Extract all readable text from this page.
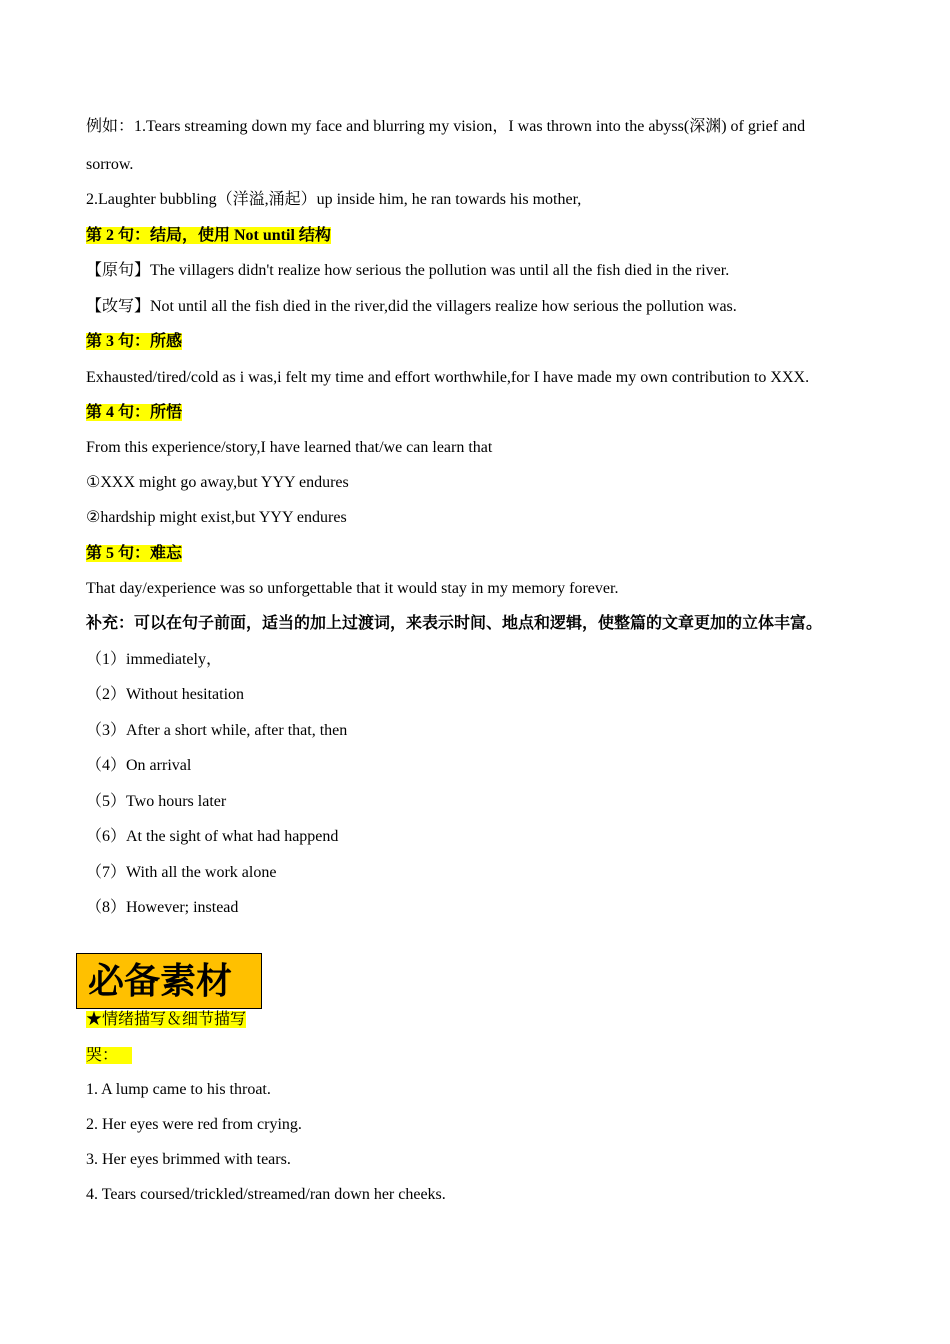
例如：1.Tears streaming down my face and blurring my vision，I was thrown into the abyss(深渊) of grief and
sorrow.
2.Laughter bubbling（洋溢,涌起）up inside him, he ran towards his mother,
第 2 句：结局，使用 Not until 结构
【原句】The villagers didn't realize how serious the pollution was until all the fish died in the river.
【改写】Not until all the fish died in the river,did the villagers realize how serious the pollution was.
第 3 句：所感
Exhausted/tired/cold as i was,i felt my time and effort worthwhile,for I have made my own contribution to XXX.
第 4 句：所悟
From this experience/story,I have learned that/we can learn that
①XXX might go away,but YYY endures
②hardship might exist,but YYY endures
第 5 句：难忘
That day/experience was so unforgettable that it would stay in my memory forever.
补充：可以在句子前面，适当的加上过渡词，来表示时间、地点和逻辑，使整篇的文章更加的立体丰富。
（1）immediately，
（2）Without hesitation
（3）After a short while, after that, then
（4）On arrival
（5）Two hours later
（6）At the sight of what had happend
（7）With all the work alone
（8）However; instead
必备素材
★情绪描写＆细节描写
哭：
1. A lump came to his throat.
2. Her eyes were red from crying.
3. Her eyes brimmed with tears.
4. Tears coursed/trickled/streamed/ran down her cheeks.
